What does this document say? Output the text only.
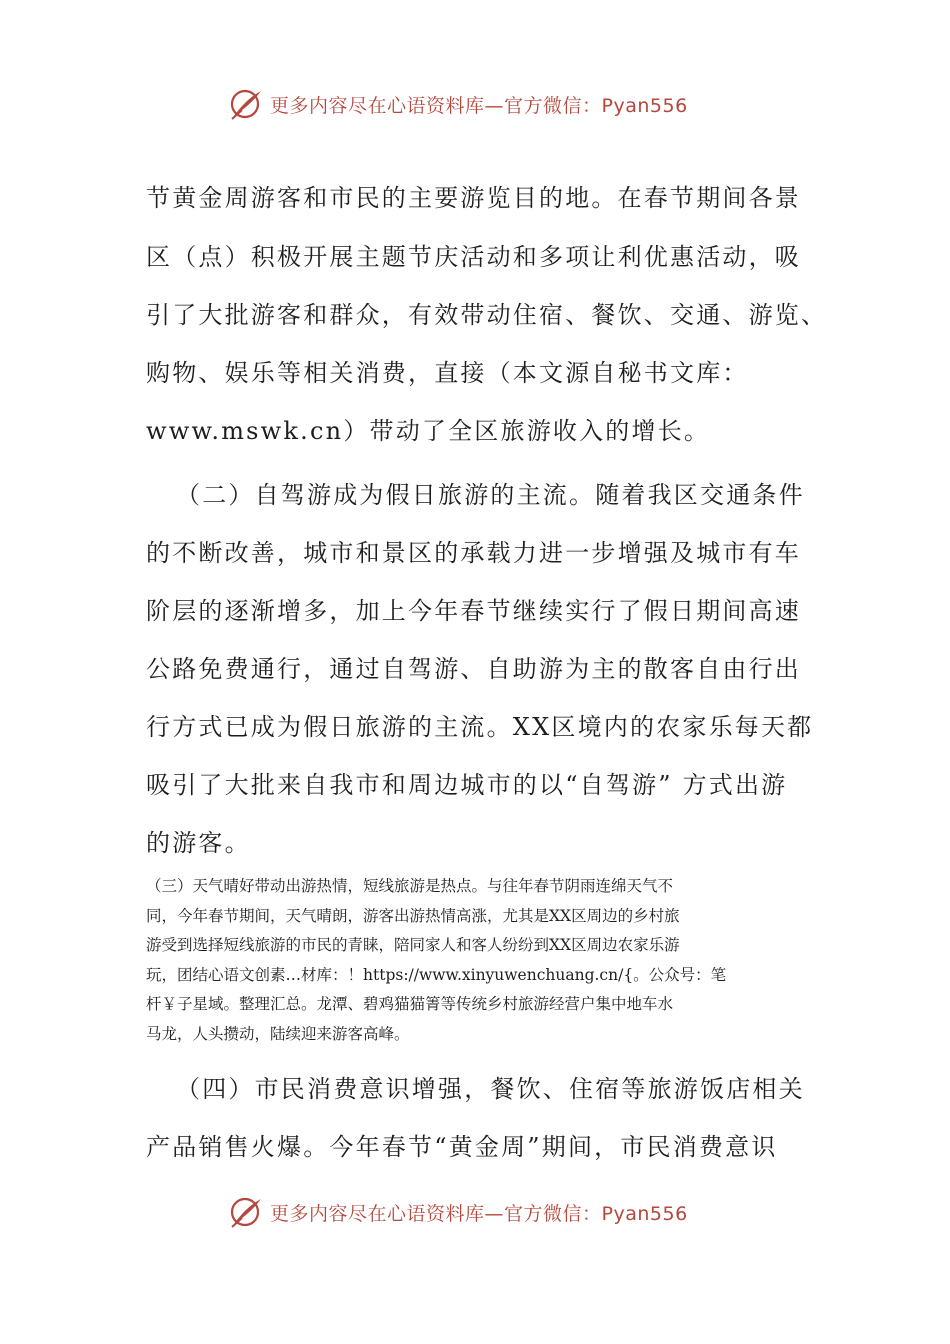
更多内容尽在心语资料库—官方微信：Pyan556
节黄金周游客和市民的主要游览目的地。在春节期间各景
区（点）积极开展主题节庆活动和多项让利优惠活动，吸
引了大批游客和群众，有效带动住宿、餐饮、交通、游览、
购物、娱乐等相关消费，直接（本文源自秘书文库：
www.mswk.cn）带动了全区旅游收入的增长。
（二）自驾游成为假日旅游的主流。随着我区交通条件
的不断改善，城市和景区的承载力进一步增强及城市有车
阶层的逐渐增多，加上今年春节继续实行了假日期间高速
公路免费通行，通过自驾游、自助游为主的散客自由行出
行方式已成为假日旅游的主流。XX区境内的农家乐每天都
吸引了大批来自我市和周边城市的以“自驾游” 方式出游
的游客。

（三）天气晴好带动出游热情，短线旅游是热点。与往年春节阴雨连绵天气不

同，今年春节期间，天气晴朗，游客出游热情高涨，尤其是XX区周边的乡村旅

游受到选择短线旅游的市民的青睐，陪同家人和客人纷纷到XX区周边农家乐游

玩，团结心语文创素…材库：！https://www.xinyuwenchuang.cn/{。公众号：笔

杆￥子星域。整理汇总。龙潭、碧鸡猫猫箐等传统乡村旅游经营户集中地车水

马龙，人头攒动，陆续迎来游客高峰。

（四）市民消费意识增强，餐饮、住宿等旅游饭店相关
产品销售火爆。今年春节“黄金周”期间，市民消费意识
更多内容尽在心语资料库—官方微信：Pyan556
